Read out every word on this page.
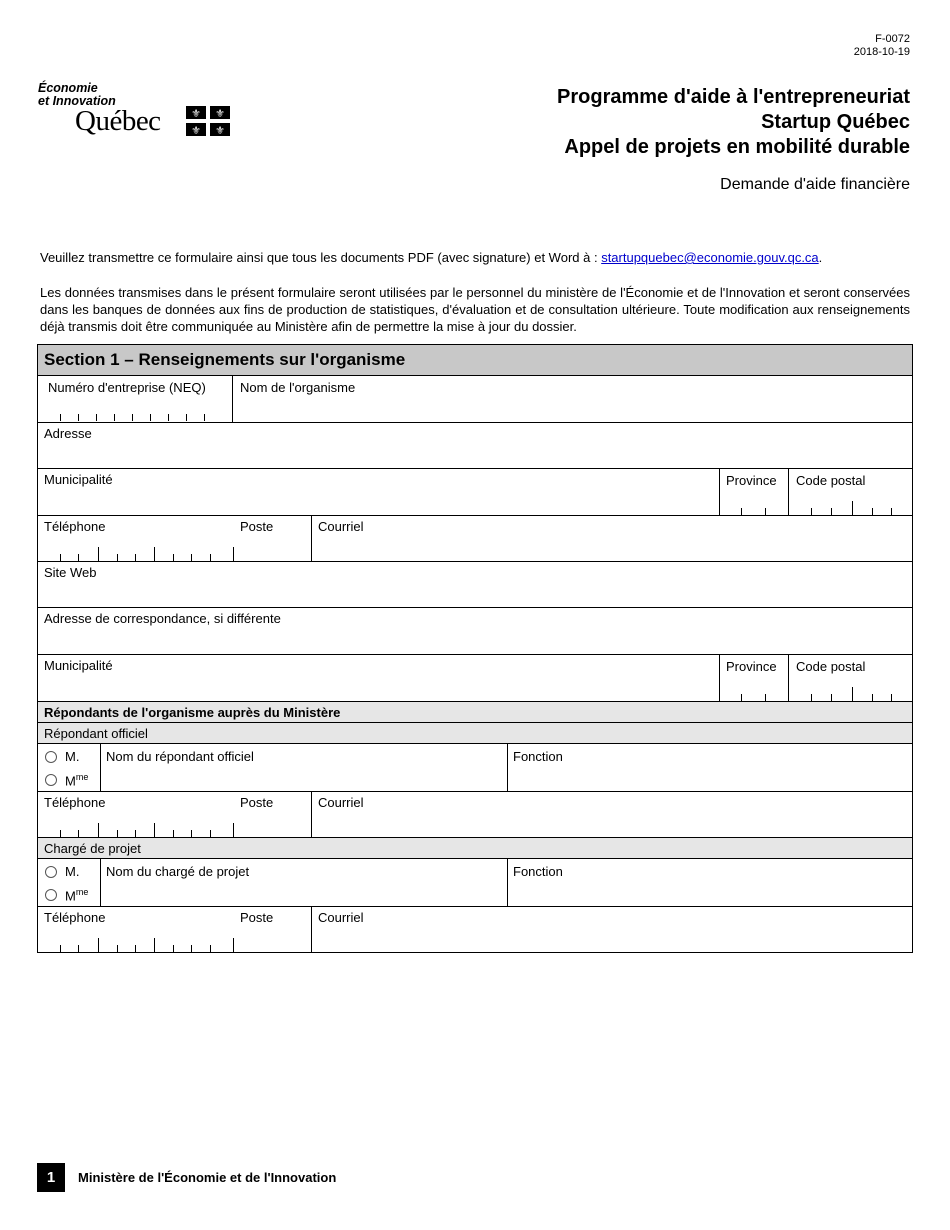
F-0072
2018-10-19
Économie
et Innovation
Québec	⚜ ⚜
⚜ ⚜
Programme d'aide à l'entrepreneuriat
Startup Québec
Appel de projets en mobilité durable
Demande d'aide financière
Veuillez transmettre ce formulaire ainsi que tous les documents PDF (avec signature) et Word à : startupquebec@economie.gouv.qc.ca.
Les données transmises dans le présent formulaire seront utilisées par le personnel du ministère de l'Économie et de l'Innovation et seront conservées dans les banques de données aux fins de production de statistiques, d'évaluation et de consultation ultérieure. Toute modification aux renseignements déjà transmis doit être communiquée au Ministère afin de permettre la mise à jour du dossier.
Section 1 – Renseignements sur l'organisme
Numéro d'entreprise (NEQ)	Nom de l'organisme
Adresse
Municipalité	Province Code postal
Téléphone	Poste	Courriel
Site Web
Adresse de correspondance, si différente
Municipalité	Province Code postal
Répondants de l'organisme auprès du Ministère
Répondant officiel
M.
$M^{me}$
Nom du répondant officiel	Fonction
Téléphone	Poste	Courriel
Chargé de projet
M.
$M^{me}$
Nom du chargé de projet	Fonction
Téléphone	Poste	Courriel
1	Ministère de l'Économie et de l'Innovation
